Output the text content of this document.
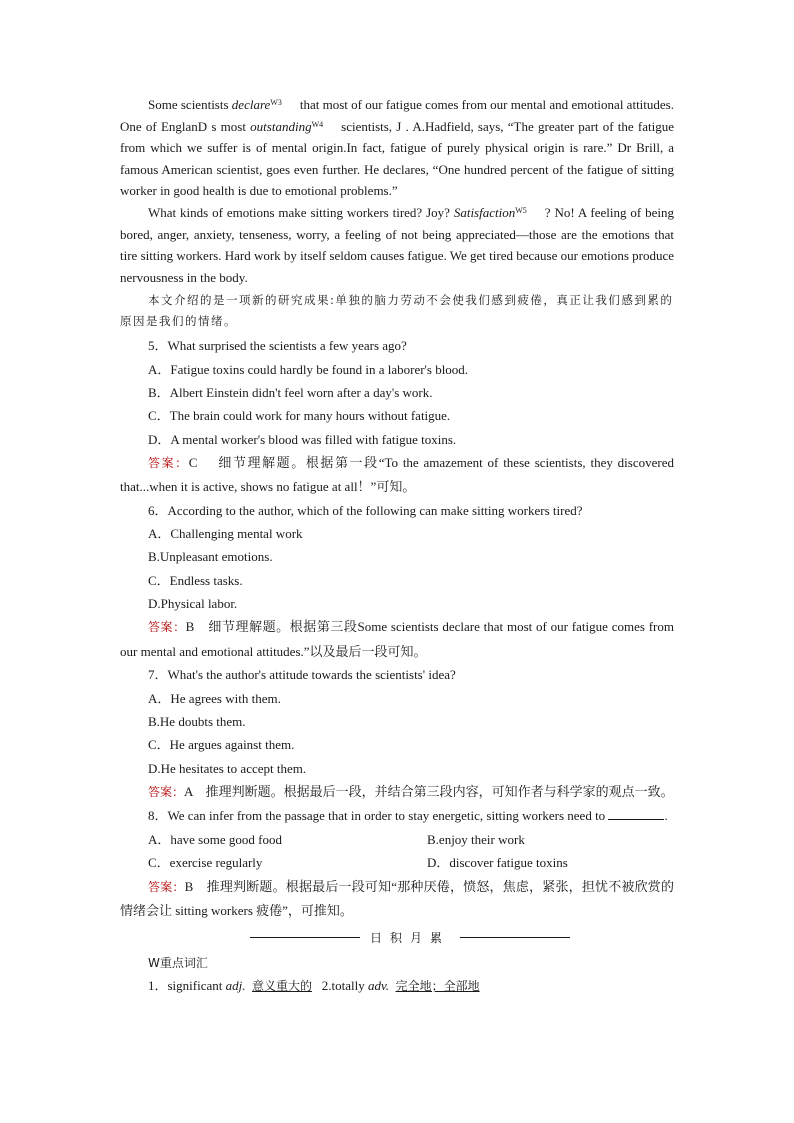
Some scientists declare$^{W3}$ that most of our fatigue comes from our mental and emotional attitudes. One of EnglanD s most outstanding$^{W4}$ scientists, J . A.Hadfield, says, “The greater part of the fatigue from which we suffer is of mental origin.In fact, fatigue of purely physical origin is rare.” Dr Brill, a famous American scientist, goes even further. He declares, “One hundred percent of the fatigue of sitting worker in good health is due to emotional problems.”

What kinds of emotions make sitting workers tired? Joy? Satisfaction$^{W5}$ ? No! A feeling of being bored, anger, anxiety, tenseness, worry, a feeling of not being appreciated—those are the emotions that tire sitting workers. Hard work by itself seldom causes fatigue. We get tired because our emotions produce nervousness in the body.

本文介绍的是一项新的研究成果:单独的脑力劳动不会使我们感到疲倦，真正让我们感到累的原因是我们的情绪。

5．What surprised the scientists a few years ago?

A．Fatigue toxins could hardly be found in a laborer's blood.

B．Albert Einstein didn't feel worn after a day's work.

C．The brain could work for many hours without fatigue.

D．A mental worker's blood was filled with fatigue toxins.

答案：C　 细节理解题。根据第一段“To the amazement of these scientists, they discovered that...when it is active, shows no fatigue at all！”可知。

6．According to the author, which of the following can make sitting workers tired?

A．Challenging mental work

B.Unpleasant emotions.

C．Endless tasks.

D.Physical labor.

答案：B　细节理解题。根据第三段Some scientists declare that most of our fatigue comes from our mental and emotional attitudes.”以及最后一段可知。

7．What's the author's attitude towards the scientists' idea?

A．He agrees with them.

B.He doubts them.

C．He argues against them.

D.He hesitates to accept them.

答案：A　推理判断题。根据最后一段，并结合第三段内容，可知作者与科学家的观点一致。

8．We can infer from the passage that in order to stay energetic, sitting workers need to	.

A．have some good food	B.enjoy their work
C．exercise regularly	D．discover fatigue toxins

答案：B　推理判断题。根据最后一段可知“那种厌倦，愤怒，焦虑，紧张，担忧不被欣赏的情绪会让 sitting workers 疲倦”，可推知。

日积月累

W重点词汇

1．significant adj. 意义重大的 2.totally adv. 完全地；全部地
